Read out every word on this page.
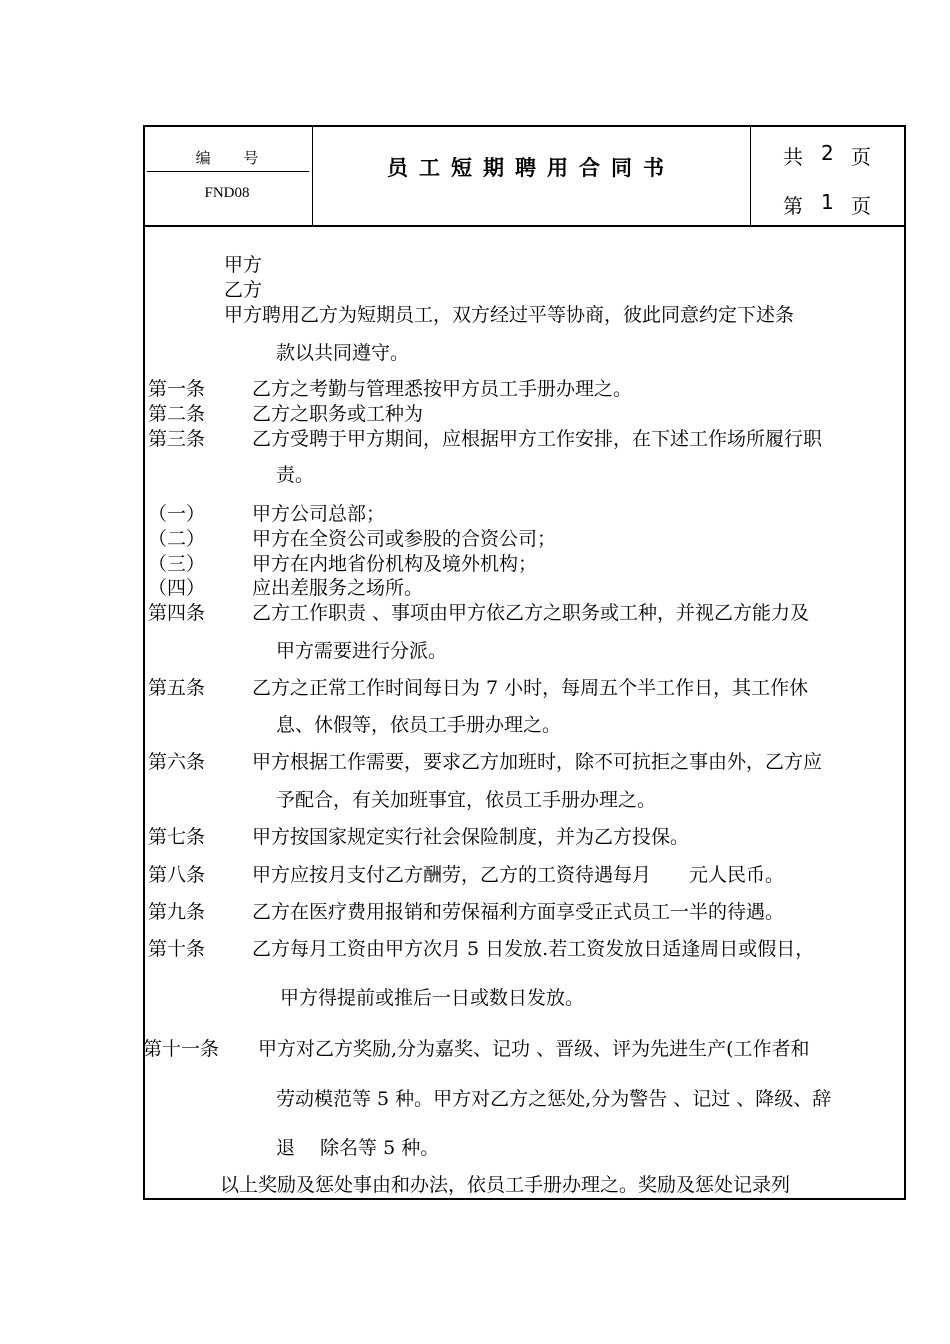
编 号
FND08
员工短期聘用合同书	共 2 页
第 1 页
甲方
乙方
甲方聘用乙方为短期员工，双方经过平等协商，彼此同意约定下述条
款以共同遵守。
第一条 乙方之考勤与管理悉按甲方员工手册办理之。
第二条 乙方之职务或工种为
第三条 乙方受聘于甲方期间，应根据甲方工作安排，在下述工作场所履行职
责。
（一） 甲方公司总部；
（二） 甲方在全资公司或参股的合资公司；
（三） 甲方在内地省份机构及境外机构；
（四） 应出差服务之场所。
第四条 乙方工作职责 、事项由甲方依乙方之职务或工种，并视乙方能力及
甲方需要进行分派。
第五条 乙方之正常工作时间每日为 7 小时，每周五个半工作日，其工作休
息、休假等，依员工手册办理之。
第六条 甲方根据工作需要，要求乙方加班时，除不可抗拒之事由外，乙方应
予配合，有关加班事宜，依员工手册办理之。
第七条 甲方按国家规定实行社会保险制度，并为乙方投保。
第八条 甲方应按月支付乙方酬劳，乙方的工资待遇每月　　元人民币。
第九条 乙方在医疗费用报销和劳保福利方面享受正式员工一半的待遇。
第十条 乙方每月工资由甲方次月 5 日发放.若工资发放日适逢周日或假日，
甲方得提前或推后一日或数日发放。
第十一条 甲方对乙方奖励,分为嘉奖、记功 、晋级、评为先进生产(工作者和
劳动模范等 5 种。甲方对乙方之惩处,分为警告 、记过 、降级、辞
退　 除名等 5 种。
以上奖励及惩处事由和办法，依员工手册办理之。奖励及惩处记录列
